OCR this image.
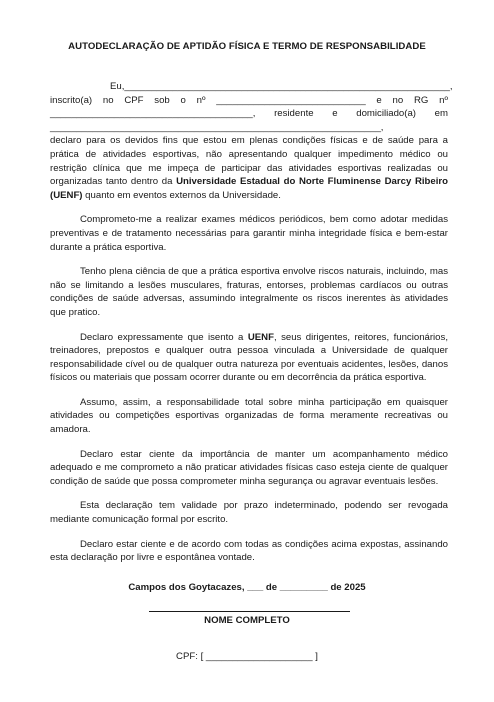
AUTODECLARAÇÃO DE APTIDÃO FÍSICA E TERMO DE RESPONSABILIDADE
Eu,_____________________________________________________________,
inscrito(a) no CPF sob o nº ____________________________ e no RG nº
______________________________________, residente e domiciliado(a) em
______________________________________________________________,

declaro para os devidos fins que estou em plenas condições físicas e de saúde para a prática de atividades esportivas, não apresentando qualquer impedimento médico ou restrição clínica que me impeça de participar das atividades esportivas realizadas ou organizadas tanto dentro da Universidade Estadual do Norte Fluminense Darcy Ribeiro (UENF) quanto em eventos externos da Universidade.

Comprometo-me a realizar exames médicos periódicos, bem como adotar medidas preventivas e de tratamento necessárias para garantir minha integridade física e bem-estar durante a prática esportiva.

Tenho plena ciência de que a prática esportiva envolve riscos naturais, incluindo, mas não se limitando a lesões musculares, fraturas, entorses, problemas cardíacos ou outras condições de saúde adversas, assumindo integralmente os riscos inerentes às atividades que pratico.

Declaro expressamente que isento a UENF, seus dirigentes, reitores, funcionários, treinadores, prepostos e qualquer outra pessoa vinculada a Universidade de qualquer responsabilidade cível ou de qualquer outra natureza por eventuais acidentes, lesões, danos físicos ou materiais que possam ocorrer durante ou em decorrência da prática esportiva.

Assumo, assim, a responsabilidade total sobre minha participação em quaisquer atividades ou competições esportivas organizadas de forma meramente recreativas ou amadora.

Declaro estar ciente da importância de manter um acompanhamento médico adequado e me comprometo a não praticar atividades físicas caso esteja ciente de qualquer condição de saúde que possa comprometer minha segurança ou agravar eventuais lesões.

Esta declaração tem validade por prazo indeterminado, podendo ser revogada mediante comunicação formal por escrito.

Declaro estar ciente e de acordo com todas as condições acima expostas, assinando esta declaração por livre e espontânea vontade.

Campos dos Goytacazes, ___ de _________ de 2025
NOME COMPLETO
CPF: [ ____________________ ]
